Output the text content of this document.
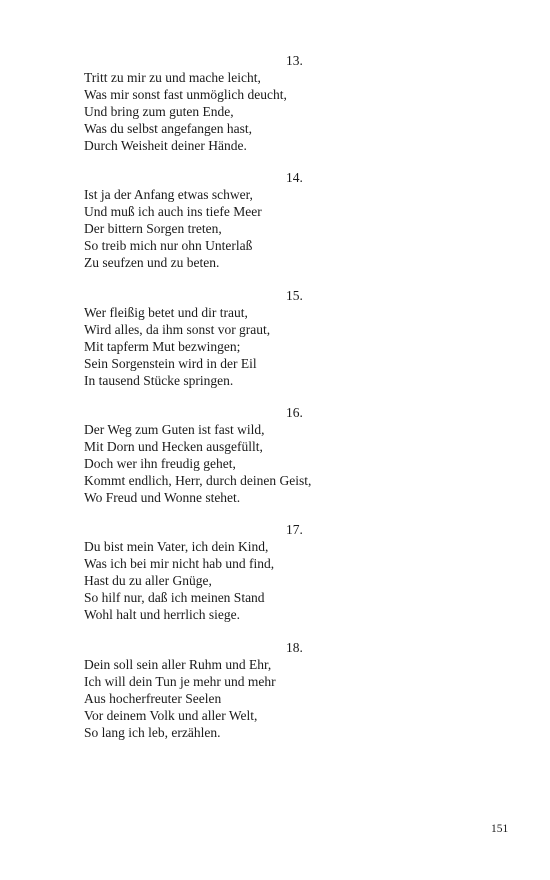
13.
Tritt zu mir zu und mache leicht,
Was mir sonst fast unmöglich deucht,
Und bring zum guten Ende,
Was du selbst angefangen hast,
Durch Weisheit deiner Hände.
14.
Ist ja der Anfang etwas schwer,
Und muß ich auch ins tiefe Meer
Der bittern Sorgen treten,
So treib mich nur ohn Unterlaß
Zu seufzen und zu beten.
15.
Wer fleißig betet und dir traut,
Wird alles, da ihm sonst vor graut,
Mit tapferm Mut bezwingen;
Sein Sorgenstein wird in der Eil
In tausend Stücke springen.
16.
Der Weg zum Guten ist fast wild,
Mit Dorn und Hecken ausgefüllt,
Doch wer ihn freudig gehet,
Kommt endlich, Herr, durch deinen Geist,
Wo Freud und Wonne stehet.
17.
Du bist mein Vater, ich dein Kind,
Was ich bei mir nicht hab und find,
Hast du zu aller Gnüge,
So hilf nur, daß ich meinen Stand
Wohl halt und herrlich siege.
18.
Dein soll sein aller Ruhm und Ehr,
Ich will dein Tun je mehr und mehr
Aus hocherfreuter Seelen
Vor deinem Volk und aller Welt,
So lang ich leb, erzählen.
151
